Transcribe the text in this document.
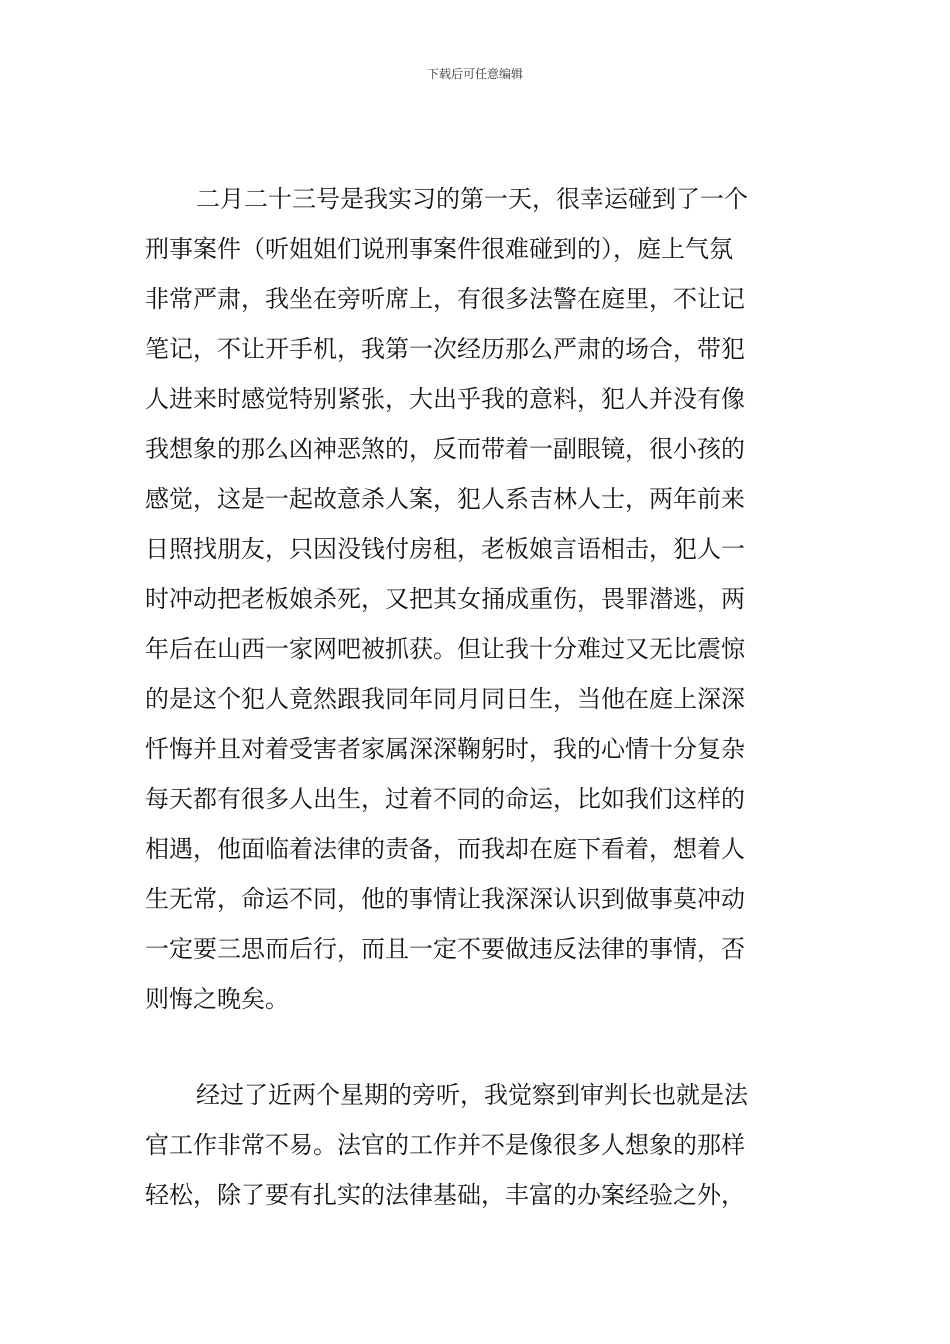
下载后可任意编辑
二月二十三号是我实习的第一天，很幸运碰到了一个
刑事案件（听姐姐们说刑事案件很难碰到的），庭上气氛
非常严肃，我坐在旁听席上，有很多法警在庭里，不让记
笔记，不让开手机，我第一次经历那么严肃的场合，带犯
人进来时感觉特别紧张，大出乎我的意料，犯人并没有像
我想象的那么凶神恶煞的，反而带着一副眼镜，很小孩的
感觉，这是一起故意杀人案，犯人系吉林人士，两年前来
日照找朋友，只因没钱付房租，老板娘言语相击，犯人一
时冲动把老板娘杀死，又把其女捅成重伤，畏罪潜逃，两
年后在山西一家网吧被抓获。但让我十分难过又无比震惊
的是这个犯人竟然跟我同年同月同日生，当他在庭上深深
忏悔并且对着受害者家属深深鞠躬时，我的心情十分复杂
每天都有很多人出生，过着不同的命运，比如我们这样的
相遇，他面临着法律的责备，而我却在庭下看着，想着人
生无常，命运不同，他的事情让我深深认识到做事莫冲动
一定要三思而后行，而且一定不要做违反法律的事情，否
则悔之晚矣。
经过了近两个星期的旁听，我觉察到审判长也就是法
官工作非常不易。法官的工作并不是像很多人想象的那样
轻松，除了要有扎实的法律基础，丰富的办案经验之外，
